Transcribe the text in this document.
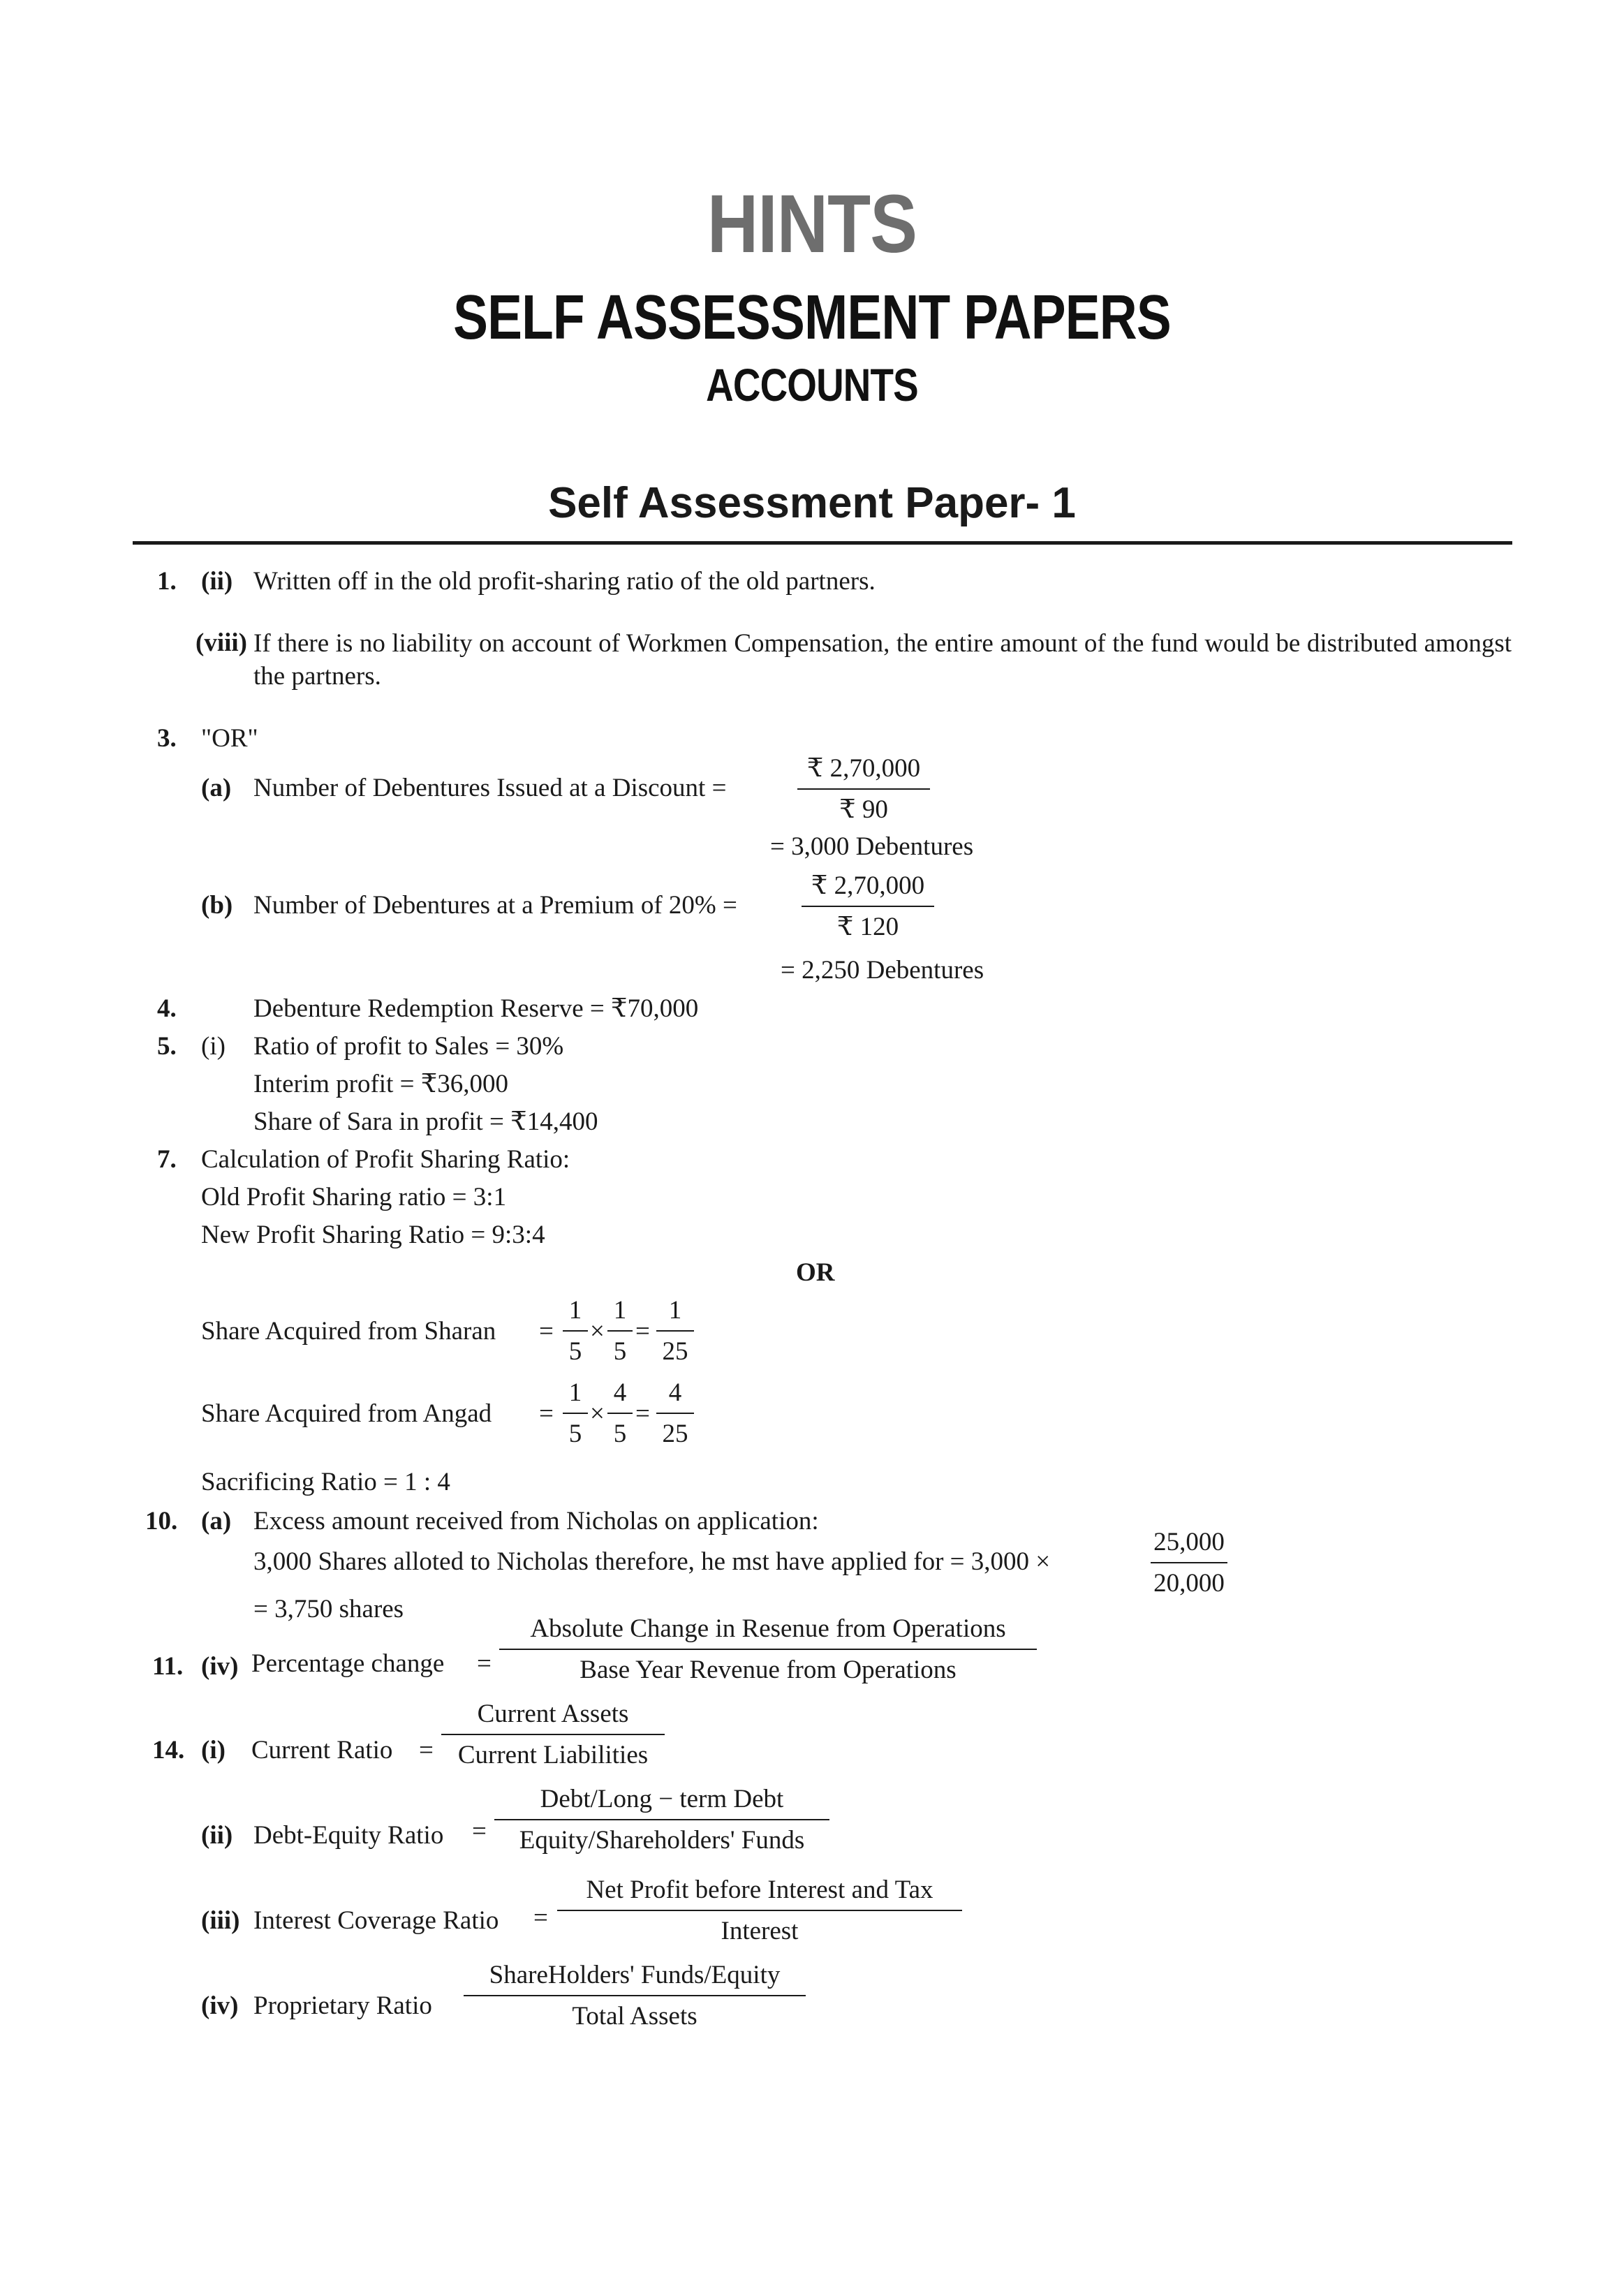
HINTS
SELF ASSESSMENT PAPERS
ACCOUNTS
Self Assessment Paper- 1
1. (ii) Written off in the old profit-sharing ratio of the old partners.
(viii) If there is no liability on account of Workmen Compensation, the entire amount of the fund would be distributed amongst the partners.
3. "OR"
(a) Number of Debentures Issued at a Discount =	$\frac{₹ 2,70,000}{₹ 90}$
= 3,000 Debentures
(b) Number of Debentures at a Premium of $20\% = \frac{₹ 2,70,000}{₹ 120}$
= 2,250 Debentures
4.	Debenture Redemption Reserve = ₹70,000
5. (i) Ratio of profit to Sales = 30%
Interim profit = ₹36,000
Share of Sara in profit = ₹14,400
7. Calculation of Profit Sharing Ratio:
Old Profit Sharing ratio = 3:1
New Profit Sharing Ratio = 9:3:4
OR
Share Acquired from Sharan = $\frac{1}{5} \times \frac{1}{5} = \frac{1}{25}$
Share Acquired from Angad = $\frac{1}{5} \times \frac{4}{5} = \frac{4}{25}$
Sacrificing Ratio = 1 : 4
10. (a) Excess amount received from Nicholas on application:
3,000 Shares alloted to Nicholas therefore, he mst have applied for = 3,000 ×	$\frac{25,000}{20,000}$
= 3,750 shares
11. (iv) Percentage change =
Absolute Change in Resenue from Operations
Base Year Revenue from Operations
14. (i) Current Ratio =
Current Assets
Current Liabilities
(ii) Debt-Equity Ratio =
Debt/Long − term Debt
Equity/Shareholders' Funds
(iii) Interest Coverage Ratio =
Net Profit before Interest and Tax
Interest
(iv) Proprietary Ratio
ShareHolders' Funds/Equity
Total Assets
